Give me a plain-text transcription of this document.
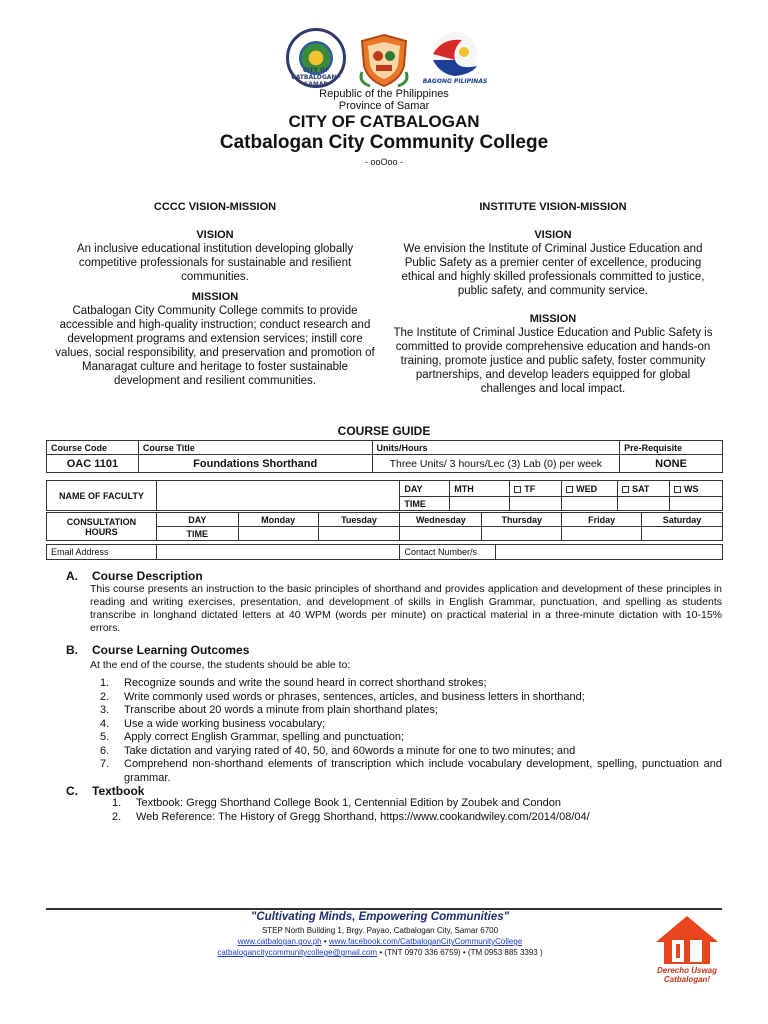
CITY OF CATBALOGAN · SAMAR	BAGONG PILIPINAS
Republic of the Philippines
Province of Samar
CITY OF CATBALOGAN
Catbalogan City Community College
- ooOoo -
CCCC VISION-MISSION
VISION

An inclusive educational institution developing globally competitive professionals for sustainable and resilient communities.

MISSION

Catbalogan City Community College commits to provide accessible and high-quality instruction; conduct research and development programs and extension services; instill core values, social responsibility, and preservation and promotion of Manaragat culture and heritage to foster sustainable development and resilient communities.

INSTITUTE VISION-MISSION
VISION

We envision the Institute of Criminal Justice Education and Public Safety as a premier center of excellence, producing ethical and highly skilled professionals committed to justice, public safety, and community service.

MISSION

The Institute of Criminal Justice Education and Public Safety is committed to provide comprehensive education and hands-on training, promote justice and public safety, foster community partnerships, and develop leaders equipped for global challenges and local impact.

COURSE GUIDE
Course Code	Course Title	Units/Hours	Pre-Requisite
OAC 1101	Foundations Shorthand	Three Units/ 3 hours/Lec (3) Lab (0) per week	NONE
NAME OF FACULTY		DAY	MTH	TF	WED	SAT	WS
		TIME					
CONSULTATION HOURS	DAY	Monday	Tuesday	Wednesday	Thursday	Friday	Saturday
	TIME						
Email Address		Contact Number/s	
A. Course Description
This course presents an instruction to the basic principles of shorthand and provides application and development of these principles in reading and writing exercises, presentation, and development of skills in English Grammar, punctuation, and spelling as students transcribe in longhand dictated letters at 40 WPM (words per minute) on practical material in a three-minute dictation with 10-15% errors.
B. Course Learning Outcomes
At the end of the course, the students should be able to:
1.	Recognize sounds and write the sound heard in correct shorthand strokes;
2.	Write commonly used words or phrases, sentences, articles, and business letters in shorthand;
3.	Transcribe about 20 words a minute from plain shorthand plates;
4.	Use a wide working business vocabulary;
5.	Apply correct English Grammar, spelling and punctuation;
6.	Take dictation and varying rated of 40, 50, and 60words a minute for one to two minutes; and
7.	Comprehend non-shorthand elements of transcription which include vocabulary development, spelling, punctuation and grammar.
C. Textbook
1.	Textbook: Gregg Shorthand College Book 1, Centennial Edition by Zoubek and Condon
2.	Web Reference: The History of Gregg Shorthand, https://www.cookandwiley.com/2014/08/04/
"Cultivating Minds, Empowering Communities"
STEP North Building 1, Brgy. Payao, Catbalogan City, Samar 6700
www.catbalogan.gov.ph • www.facebook.com/CatbaloganCityCommunityCollege
catbalogancitycommunitycollege@gmail.com • (TNT 0970 336 6759) • (TM 0953 885 3393 )
Derecho Uswag
Catbalogan!
